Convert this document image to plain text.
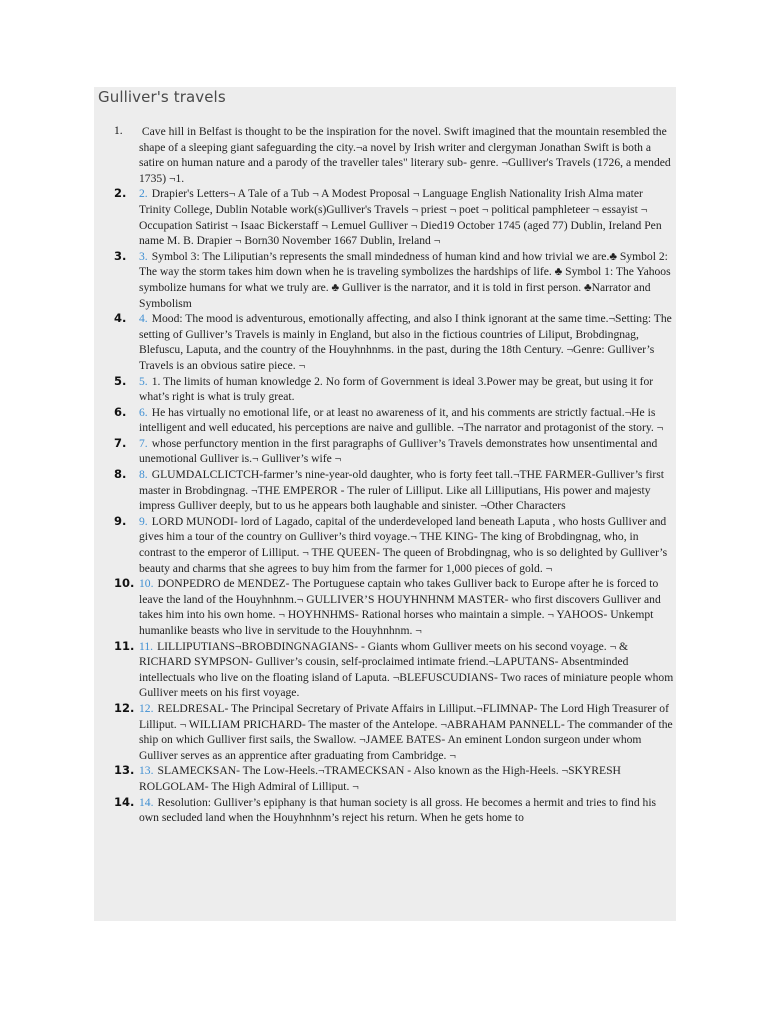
Gulliver's travels
1. Cave hill in Belfast is thought to be the inspiration for the novel. Swift imagined that the mountain resembled the shape of a sleeping giant safeguarding the city.¬a novel by Irish writer and clergyman Jonathan Swift is both a satire on human nature and a parody of the traveller tales" literary sub- genre. ¬Gulliver's Travels (1726, a mended 1735) ¬1.
2. 2. Drapier's Letters¬ A Tale of a Tub ¬ A Modest Proposal ¬ Language English Nationality Irish Alma mater Trinity College, Dublin Notable work(s)Gulliver's Travels ¬ priest ¬ poet ¬ political pamphleteer ¬ essayist ¬ Occupation Satirist ¬ Isaac Bickerstaff ¬ Lemuel Gulliver ¬ Died19 October 1745 (aged 77) Dublin, Ireland Pen name M. B. Drapier ¬ Born30 November 1667 Dublin, Ireland ¬
3. 3. Symbol 3: The Liliputian’s represents the small mindedness of human kind and how trivial we are.♣ Symbol 2: The way the storm takes him down when he is traveling symbolizes the hardships of life. ♣ Symbol 1: The Yahoos symbolize humans for what we truly are. ♣ Gulliver is the narrator, and it is told in first person. ♣Narrator and Symbolism
4. 4. Mood: The mood is adventurous, emotionally affecting, and also I think ignorant at the same time.¬Setting: The setting of Gulliver’s Travels is mainly in England, but also in the fictious countries of Liliput, Brobdingnag, Blefuscu, Laputa, and the country of the Houyhnhnms. in the past, during the 18th Century. ¬Genre: Gulliver’s Travels is an obvious satire piece. ¬
5. 5. 1. The limits of human knowledge 2. No form of Government is ideal 3.Power may be great, but using it for what’s right is what is truly great.
6. 6. He has virtually no emotional life, or at least no awareness of it, and his comments are strictly factual.¬He is intelligent and well educated, his perceptions are naive and gullible. ¬The narrator and protagonist of the story. ¬
7. 7. whose perfunctory mention in the first paragraphs of Gulliver’s Travels demonstrates how unsentimental and unemotional Gulliver is.¬ Gulliver’s wife ¬
8. 8. GLUMDALCLICTCH-farmer’s nine-year-old daughter, who is forty feet tall.¬THE FARMER-Gulliver’s first master in Brobdingnag. ¬THE EMPEROR - The ruler of Lilliput. Like all Lilliputians, His power and majesty impress Gulliver deeply, but to us he appears both laughable and sinister. ¬Other Characters
9. 9. LORD MUNODI- lord of Lagado, capital of the underdeveloped land beneath Laputa , who hosts Gulliver and gives him a tour of the country on Gulliver’s third voyage.¬ THE KING- The king of Brobdingnag, who, in contrast to the emperor of Lilliput. ¬ THE QUEEN- The queen of Brobdingnag, who is so delighted by Gulliver’s beauty and charms that she agrees to buy him from the farmer for 1,000 pieces of gold. ¬
10. 10. DONPEDRO de MENDEZ- The Portuguese captain who takes Gulliver back to Europe after he is forced to leave the land of the Houyhnhnm.¬ GULLIVER’S HOUYHNHNM MASTER- who first discovers Gulliver and takes him into his own home. ¬ HOYHNHMS- Rational horses who maintain a simple. ¬ YAHOOS- Unkempt humanlike beasts who live in servitude to the Houyhnhnm. ¬
11. 11. LILLIPUTIANS¬BROBDINGNAGIANS- - Giants whom Gulliver meets on his second voyage. ¬ & RICHARD SYMPSON- Gulliver’s cousin, self-proclaimed intimate friend.¬LAPUTANS- Absentminded intellectuals who live on the floating island of Laputa. ¬BLEFUSCUDIANS- Two races of miniature people whom Gulliver meets on his first voyage.
12. 12. RELDRESAL- The Principal Secretary of Private Affairs in Lilliput.¬FLIMNAP- The Lord High Treasurer of Lilliput. ¬ WILLIAM PRICHARD- The master of the Antelope. ¬ABRAHAM PANNELL- The commander of the ship on which Gulliver first sails, the Swallow. ¬JAMEE BATES- An eminent London surgeon under whom Gulliver serves as an apprentice after graduating from Cambridge. ¬
13. 13. SLAMECKSAN- The Low-Heels.¬TRAMECKSAN - Also known as the High-Heels. ¬SKYRESH ROLGOLAM- The High Admiral of Lilliput. ¬
14. 14. Resolution: Gulliver’s epiphany is that human society is all gross. He becomes a hermit and tries to find his own secluded land when the Houyhnhnm’s reject his return. When he gets home to
